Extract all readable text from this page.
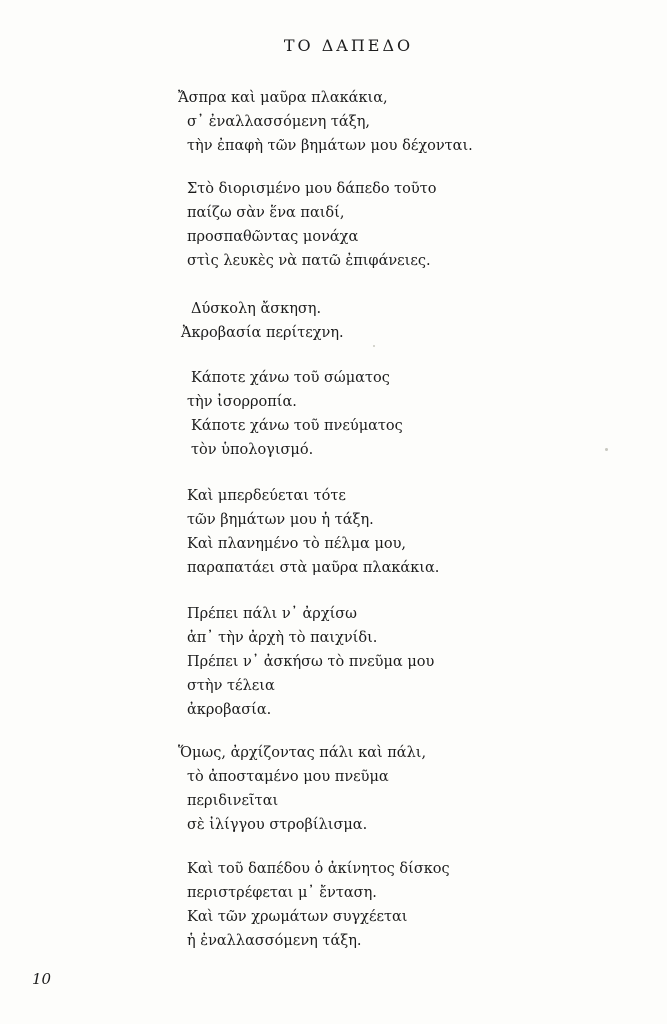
ΤΟ ΔΑΠΕΔΟ
Ἄσπρα καὶ μαῦρα πλακάκια,
σ᾽ ἐναλλασσόμενη τάξη,
τὴν ἐπαφὴ τῶν βημάτων μου δέχονται.
Στὸ διορισμένο μου δάπεδο τοῦτο
παίζω σὰν ἕνα παιδί,
προσπαθῶντας μονάχα
στὶς λευκὲς νὰ πατῶ ἐπιφάνειες.
Δύσκολη ἄσκηση.
Ἀκροβασία περίτεχνη.
Κάποτε χάνω τοῦ σώματος
τὴν ἰσορροπία.
Κάποτε χάνω τοῦ πνεύματος
τὸν ὑπολογισμό.
Καὶ μπερδεύεται τότε
τῶν βημάτων μου ἡ τάξη.
Καὶ πλανημένο τὸ πέλμα μου,
παραπατάει στὰ μαῦρα πλακάκια.
Πρέπει πάλι ν᾽ ἀρχίσω
ἀπ᾽ τὴν ἀρχὴ τὸ παιχνίδι.
Πρέπει ν᾽ ἀσκήσω τὸ πνεῦμα μου
στὴν τέλεια
ἀκροβασία.
Ὅμως, ἀρχίζοντας πάλι καὶ πάλι,
τὸ ἀποσταμένο μου πνεῦμα
περιδινεῖται
σὲ ἰλίγγου στροβίλισμα.
Καὶ τοῦ δαπέδου ὁ ἀκίνητος δίσκος
περιστρέφεται μ᾽ ἔνταση.
Καὶ τῶν χρωμάτων συγχέεται
ἡ ἐναλλασσόμενη τάξη.
10
